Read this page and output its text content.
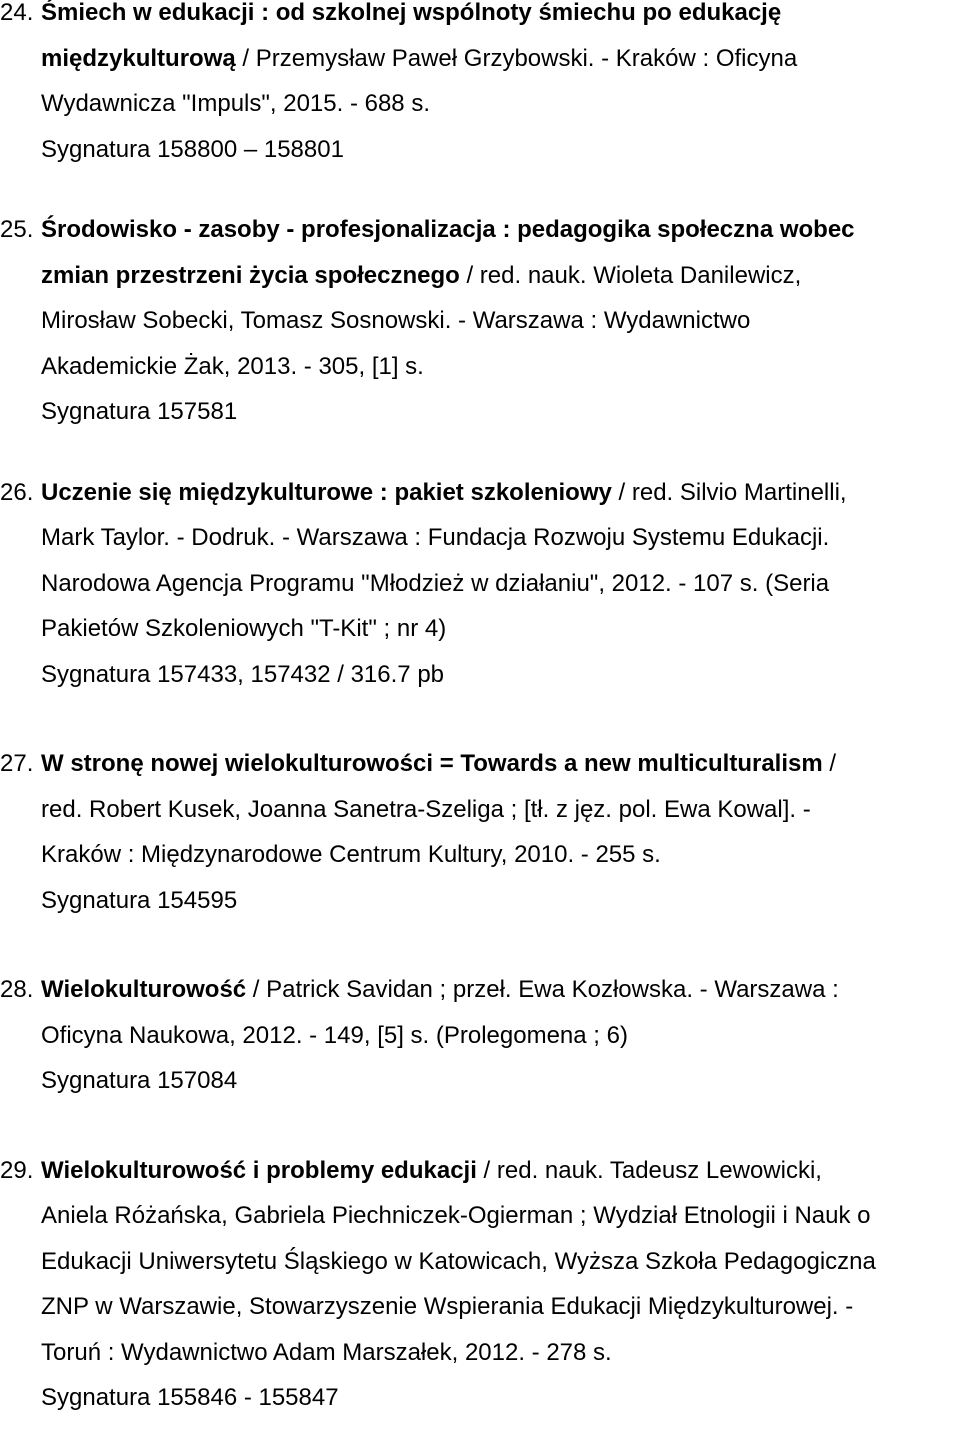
24. Śmiech w edukacji : od szkolnej wspólnoty śmiechu po edukację
międzykulturową / Przemysław Paweł Grzybowski. - Kraków : Oficyna
Wydawnicza "Impuls", 2015. - 688 s.
Sygnatura 158800 – 158801
25. Środowisko - zasoby - profesjonalizacja : pedagogika społeczna wobec
zmian przestrzeni życia społecznego / red. nauk. Wioleta Danilewicz,
Mirosław Sobecki, Tomasz Sosnowski. - Warszawa : Wydawnictwo
Akademickie Żak, 2013. - 305, [1] s.
Sygnatura 157581
26. Uczenie się międzykulturowe : pakiet szkoleniowy / red. Silvio Martinelli,
Mark Taylor. - Dodruk. - Warszawa : Fundacja Rozwoju Systemu Edukacji.
Narodowa Agencja Programu "Młodzież w działaniu", 2012. - 107 s. (Seria
Pakietów Szkoleniowych "T-Kit" ; nr 4)
Sygnatura 157433, 157432 / 316.7 pb
27. W stronę nowej wielokulturowości = Towards a new multiculturalism /
red. Robert Kusek, Joanna Sanetra-Szeliga ; [tł. z jęz. pol. Ewa Kowal]. -
Kraków : Międzynarodowe Centrum Kultury, 2010. - 255 s.
Sygnatura 154595
28. Wielokulturowość / Patrick Savidan ; przeł. Ewa Kozłowska. - Warszawa :
Oficyna Naukowa, 2012. - 149, [5] s. (Prolegomena ; 6)
Sygnatura 157084
29. Wielokulturowość i problemy edukacji / red. nauk. Tadeusz Lewowicki,
Aniela Różańska, Gabriela Piechniczek-Ogierman ; Wydział Etnologii i Nauk o
Edukacji Uniwersytetu Śląskiego w Katowicach, Wyższa Szkoła Pedagogiczna
ZNP w Warszawie, Stowarzyszenie Wspierania Edukacji Międzykulturowej. -
Toruń : Wydawnictwo Adam Marszałek, 2012. - 278 s.
Sygnatura 155846 - 155847
